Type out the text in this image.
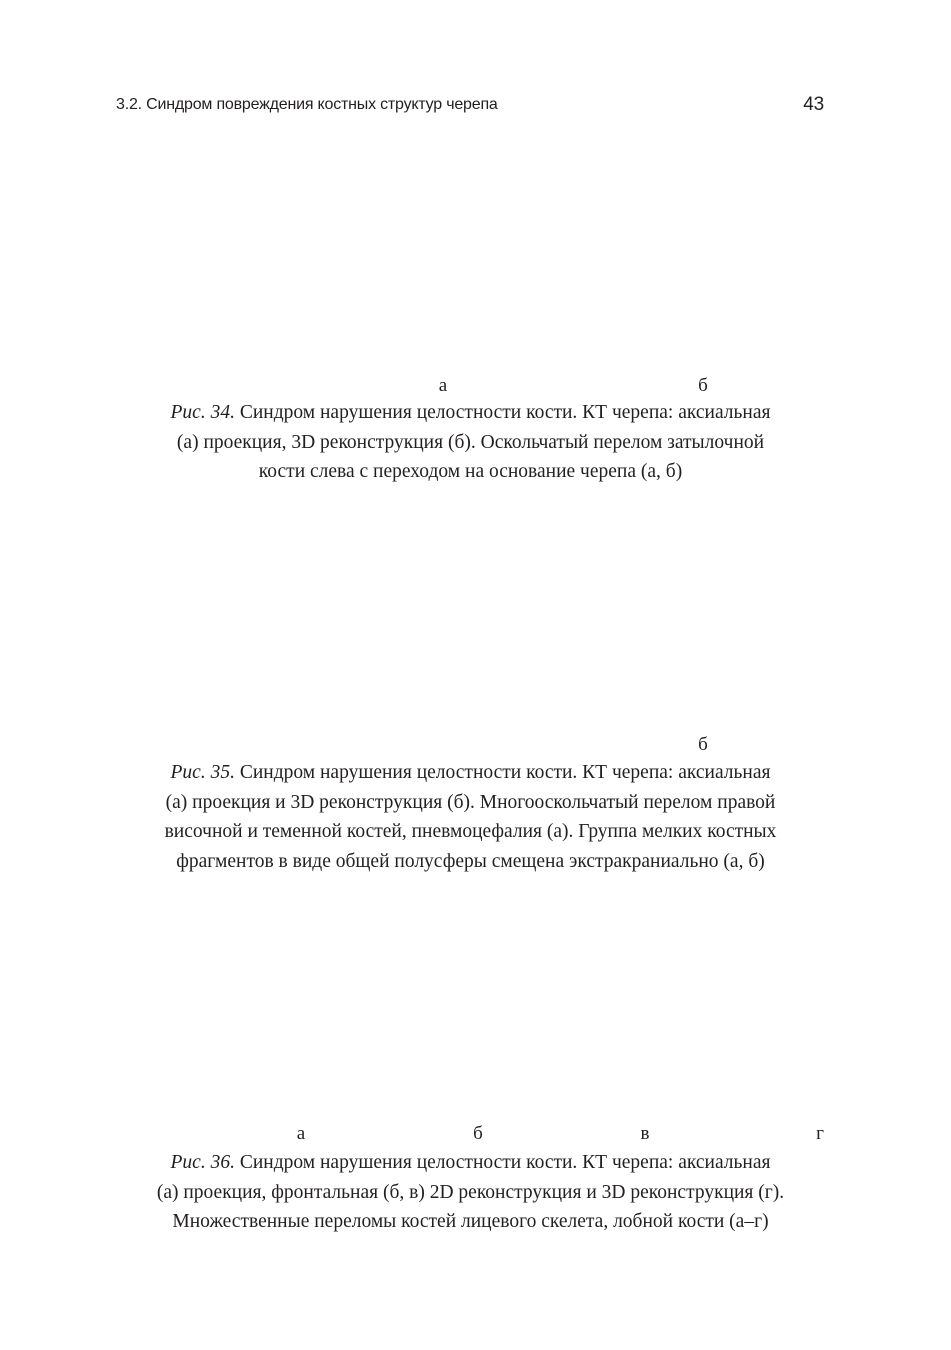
3.2. Синдром повреждения костных структур черепа	43
а	б
Рис. 34. Синдром нарушения целостности кости. КТ черепа: аксиальная
(а) проекция, 3D реконструкция (б). Оскольчатый перелом затылочной
кости слева с переходом на основание черепа (а, б)
б
Рис. 35. Синдром нарушения целостности кости. КТ черепа: аксиальная
(а) проекция и 3D реконструкция (б). Многооскольчатый перелом правой
височной и теменной костей, пневмоцефалия (а). Группа мелких костных
фрагментов в виде общей полусферы смещена экстракраниально (а, б)
а	б	в	г
Рис. 36. Синдром нарушения целостности кости. КТ черепа: аксиальная
(а) проекция, фронтальная (б, в) 2D реконструкция и 3D реконструкция (г).
Множественные переломы костей лицевого скелета, лобной кости (а–г)
